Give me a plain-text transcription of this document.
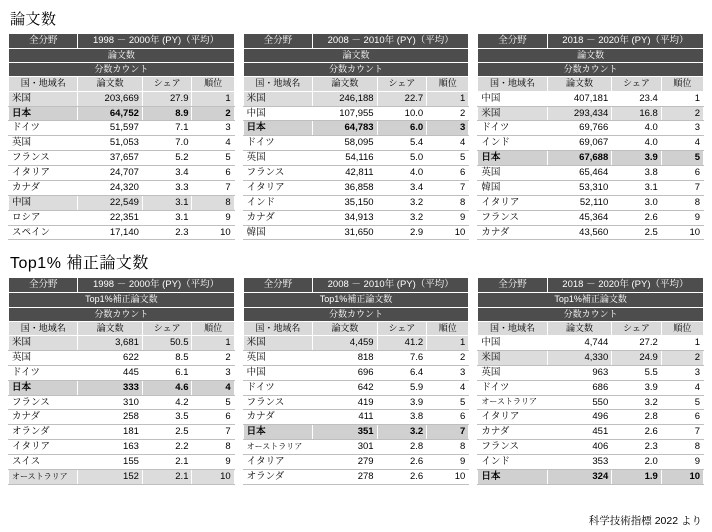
論文数
全分野	1998 － 2000年 (PY)（平均）		
論文数			
分数カウント			
国・地域名	論文数	シェア	順位
米国	203,669	27.9	1
日本	64,752	8.9	2
ドイツ	51,597	7.1	3
英国	51,053	7.0	4
フランス	37,657	5.2	5
イタリア	24,707	3.4	6
カナダ	24,320	3.3	7
中国	22,549	3.1	8
ロシア	22,351	3.1	9
スペイン	17,140	2.3	10
全分野	2008 － 2010年 (PY)（平均）		
論文数			
分数カウント			
国・地域名	論文数	シェア	順位
米国	246,188	22.7	1
中国	107,955	10.0	2
日本	64,783	6.0	3
ドイツ	58,095	5.4	4
英国	54,116	5.0	5
フランス	42,811	4.0	6
イタリア	36,858	3.4	7
インド	35,150	3.2	8
カナダ	34,913	3.2	9
韓国	31,650	2.9	10
全分野	2018 － 2020年 (PY)（平均）		
論文数			
分数カウント			
国・地域名	論文数	シェア	順位
中国	407,181	23.4	1
米国	293,434	16.8	2
ドイツ	69,766	4.0	3
インド	69,067	4.0	4
日本	67,688	3.9	5
英国	65,464	3.8	6
韓国	53,310	3.1	7
イタリア	52,110	3.0	8
フランス	45,364	2.6	9
カナダ	43,560	2.5	10
Top1% 補正論文数
全分野	1998 － 2000年 (PY)（平均）		
Top1%補正論文数			
分数カウント			
国・地域名	論文数	シェア	順位
米国	3,681	50.5	1
英国	622	8.5	2
ドイツ	445	6.1	3
日本	333	4.6	4
フランス	310	4.2	5
カナダ	258	3.5	6
オランダ	181	2.5	7
イタリア	163	2.2	8
スイス	155	2.1	9
オーストラリア	152	2.1	10
全分野	2008 － 2010年 (PY)（平均）		
Top1%補正論文数			
分数カウント			
国・地域名	論文数	シェア	順位
米国	4,459	41.2	1
英国	818	7.6	2
中国	696	6.4	3
ドイツ	642	5.9	4
フランス	419	3.9	5
カナダ	411	3.8	6
日本	351	3.2	7
オーストラリア	301	2.8	8
イタリア	279	2.6	9
オランダ	278	2.6	10
全分野	2018 － 2020年 (PY)（平均）		
Top1%補正論文数			
分数カウント			
国・地域名	論文数	シェア	順位
中国	4,744	27.2	1
米国	4,330	24.9	2
英国	963	5.5	3
ドイツ	686	3.9	4
オーストラリア	550	3.2	5
イタリア	496	2.8	6
カナダ	451	2.6	7
フランス	406	2.3	8
インド	353	2.0	9
日本	324	1.9	10
科学技術指標 2022 より
